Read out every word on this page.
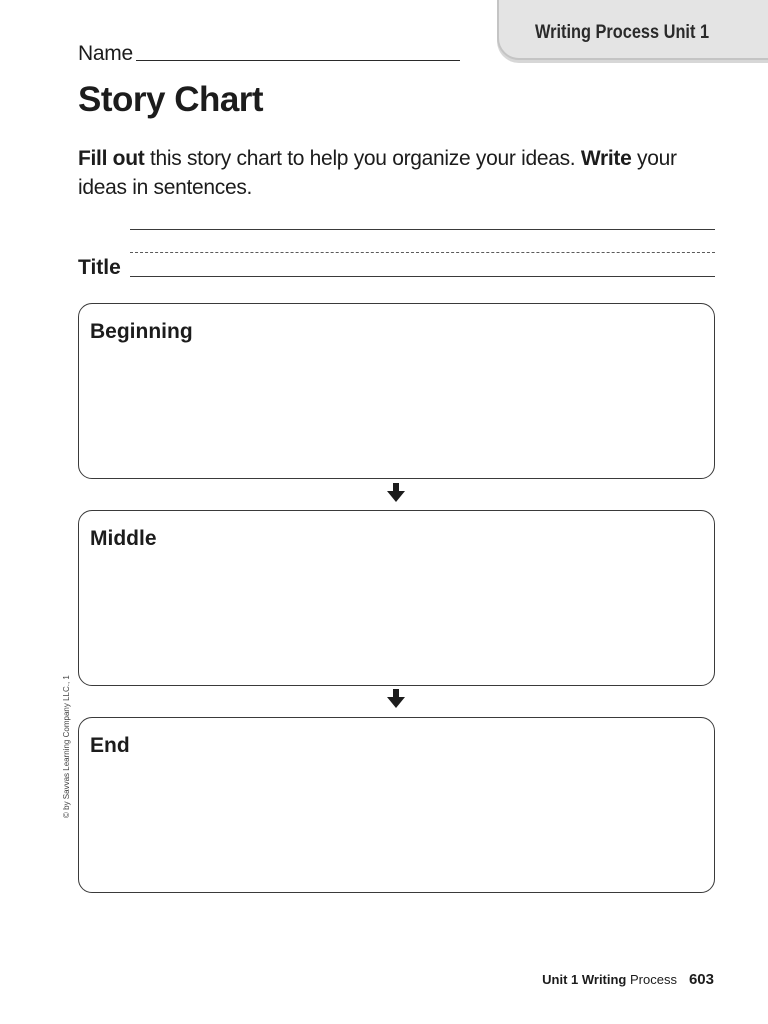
Writing Process Unit 1
Name
Story Chart
Fill out this story chart to help you organize your ideas. Write your ideas in sentences.
Title
Beginning
Middle
End
© by Savvas Learning Company LLC., 1
Unit 1 Writing Process 603
